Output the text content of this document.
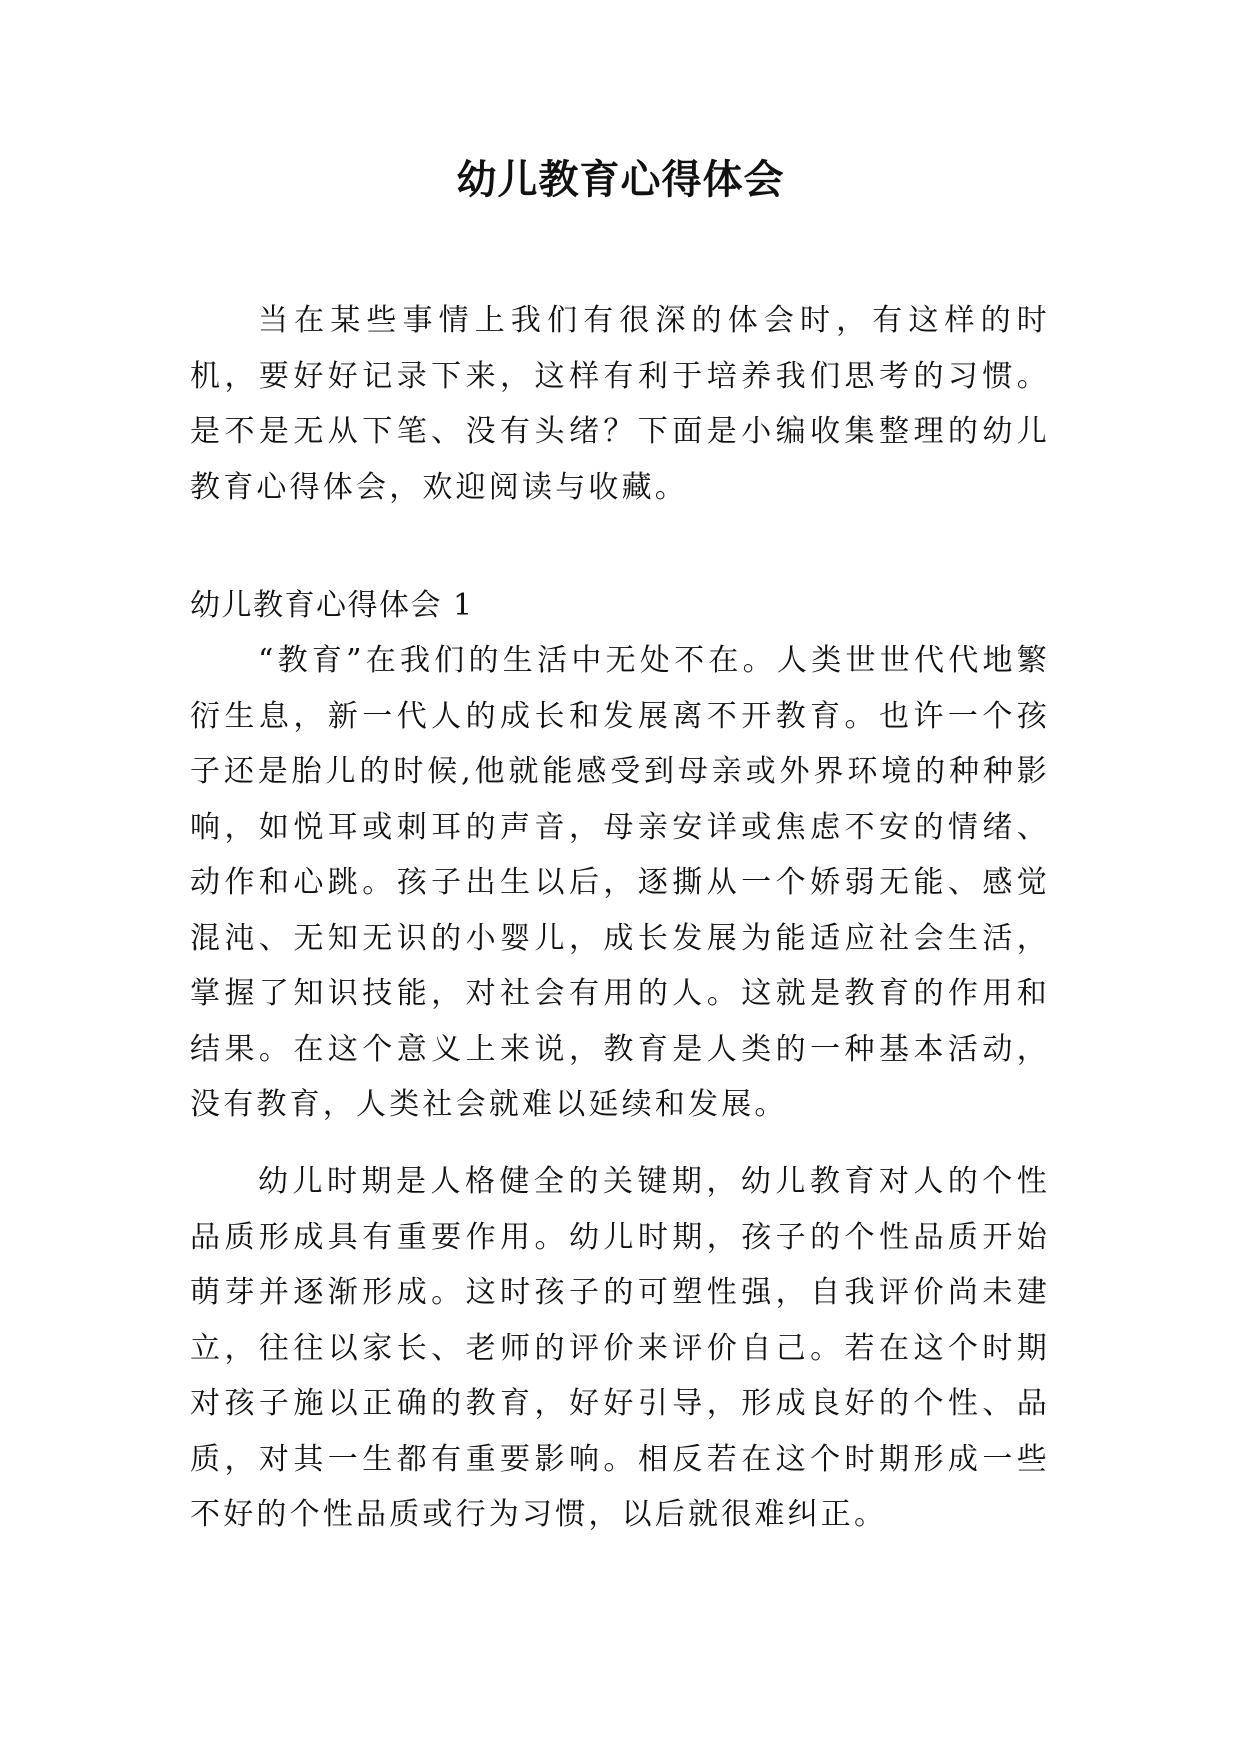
幼儿教育心得体会

当在某些事情上我们有很深的体会时，有这样的时机，要好好记录下来，这样有利于培养我们思考的习惯。是不是无从下笔、没有头绪？下面是小编收集整理的幼儿教育心得体会，欢迎阅读与收藏。

幼儿教育心得体会 1

“教育”在我们的生活中无处不在。人类世世代代地繁衍生息，新一代人的成长和发展离不开教育。也许一个孩子还是胎儿的时候,他就能感受到母亲或外界环境的种种影响，如悦耳或刺耳的声音，母亲安详或焦虑不安的情绪、动作和心跳。孩子出生以后，逐撕从一个娇弱无能、感觉混沌、无知无识的小婴儿，成长发展为能适应社会生活，掌握了知识技能，对社会有用的人。这就是教育的作用和结果。在这个意义上来说，教育是人类的一种基本活动，没有教育，人类社会就难以延续和发展。

幼儿时期是人格健全的关键期，幼儿教育对人的个性品质形成具有重要作用。幼儿时期，孩子的个性品质开始萌芽并逐渐形成。这时孩子的可塑性强，自我评价尚未建立，往往以家长、老师的评价来评价自己。若在这个时期对孩子施以正确的教育，好好引导，形成良好的个性、品质，对其一生都有重要影响。相反若在这个时期形成一些不好的个性品质或行为习惯，以后就很难纠正。
